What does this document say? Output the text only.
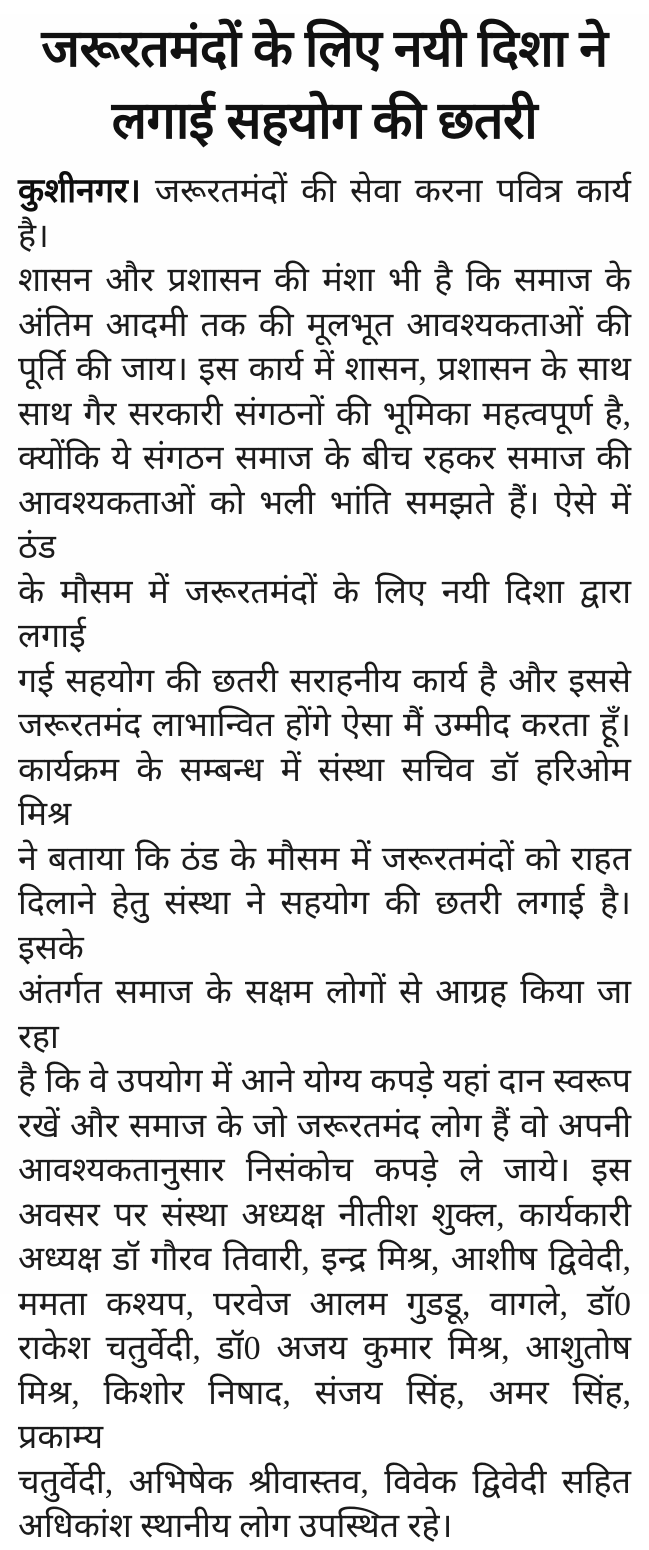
जरूरतमंदों के लिए नयी दिशा ने
लगाई सहयोग की छतरी
कुशीनगर। जरूरतमंदों की सेवा करना पवित्र कार्य है।
शासन और प्रशासन की मंशा भी है कि समाज के
अंतिम आदमी तक की मूलभूत आवश्यकताओं की
पूर्ति की जाय। इस कार्य में शासन, प्रशासन के साथ
साथ गैर सरकारी संगठनों की भूमिका महत्वपूर्ण है,
क्योंकि ये संगठन समाज के बीच रहकर समाज की
आवश्यकताओं को भली भांति समझते हैं। ऐसे में ठंड
के मौसम में जरूरतमंदों के लिए नयी दिशा द्वारा लगाई
गई सहयोग की छतरी सराहनीय कार्य है और इससे
जरूरतमंद लाभान्वित होंगे ऐसा मैं उम्मीद करता हूँ।
कार्यक्रम के सम्बन्ध में संस्था सचिव डॉ हरिओम मिश्र
ने बताया कि ठंड के मौसम में जरूरतमंदों को राहत
दिलाने हेतु संस्था ने सहयोग की छतरी लगाई है। इसके
अंतर्गत समाज के सक्षम लोगों से आग्रह किया जा रहा
है कि वे उपयोग में आने योग्य कपड़े यहां दान स्वरूप
रखें और समाज के जो जरूरतमंद लोग हैं वो अपनी
आवश्यकतानुसार निसंकोच कपड़े ले जाये। इस
अवसर पर संस्था अध्यक्ष नीतीश शुक्ल, कार्यकारी
अध्यक्ष डॉ गौरव तिवारी, इन्द्र मिश्र, आशीष द्विवेदी,
ममता कश्यप, परवेज आलम गुडडू, वागले, डॉ0
राकेश चतुर्वेदी, डॉ0 अजय कुमार मिश्र, आशुतोष
मिश्र, किशोर निषाद, संजय सिंह, अमर सिंह, प्रकाम्य
चतुर्वेदी, अभिषेक श्रीवास्तव, विवेक द्विवेदी सहित
अधिकांश स्थानीय लोग उपस्थित रहे।
